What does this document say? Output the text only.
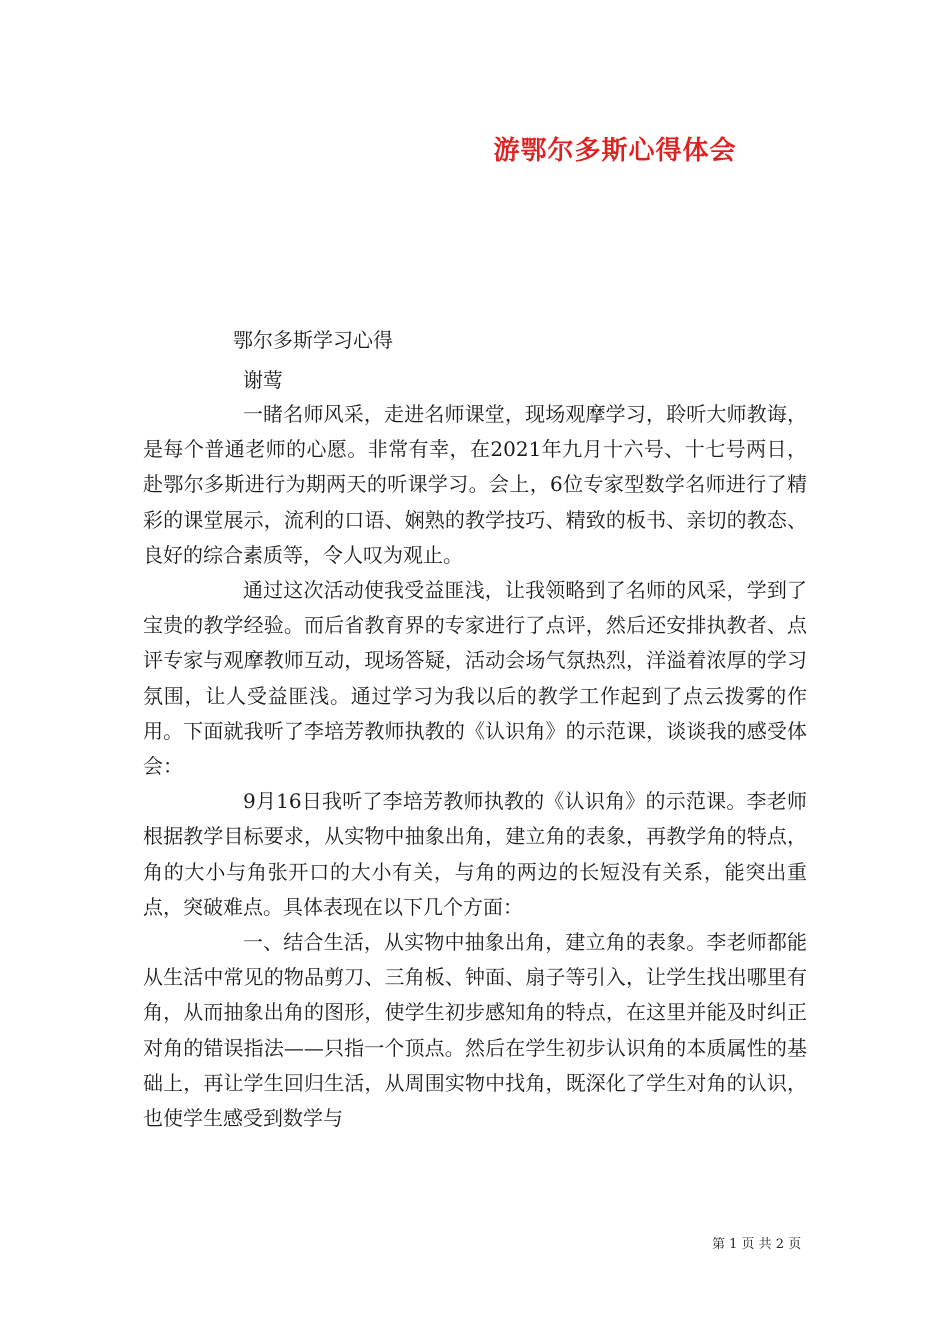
游鄂尔多斯心得体会
鄂尔多斯学习心得
谢莺

一睹名师风采，走进名师课堂，现场观摩学习，聆听大师教诲，是每个普通老师的心愿。非常有幸，在2021年九月十六号、十七号两日，赴鄂尔多斯进行为期两天的听课学习。会上，6位专家型数学名师进行了精彩的课堂展示，流利的口语、娴熟的教学技巧、精致的板书、亲切的教态、良好的综合素质等，令人叹为观止。

通过这次活动使我受益匪浅，让我领略到了名师的风采，学到了宝贵的教学经验。而后省教育界的专家进行了点评，然后还安排执教者、点评专家与观摩教师互动，现场答疑，活动会场气氛热烈，洋溢着浓厚的学习氛围，让人受益匪浅。通过学习为我以后的教学工作起到了点云拨雾的作用。下面就我听了李培芳教师执教的《认识角》的示范课，谈谈我的感受体会：

9月16日我听了李培芳教师执教的《认识角》的示范课。李老师根据教学目标要求，从实物中抽象出角，建立角的表象，再教学角的特点，角的大小与角张开口的大小有关，与角的两边的长短没有关系，能突出重点，突破难点。具体表现在以下几个方面：

一、结合生活，从实物中抽象出角，建立角的表象。李老师都能从生活中常见的物品剪刀、三角板、钟面、扇子等引入，让学生找出哪里有角，从而抽象出角的图形，使学生初步感知角的特点，在这里并能及时纠正对角的错误指法——只指一个顶点。然后在学生初步认识角的本质属性的基础上，再让学生回归生活，从周围实物中找角，既深化了学生对角的认识，也使学生感受到数学与

第 1 页 共 2 页
